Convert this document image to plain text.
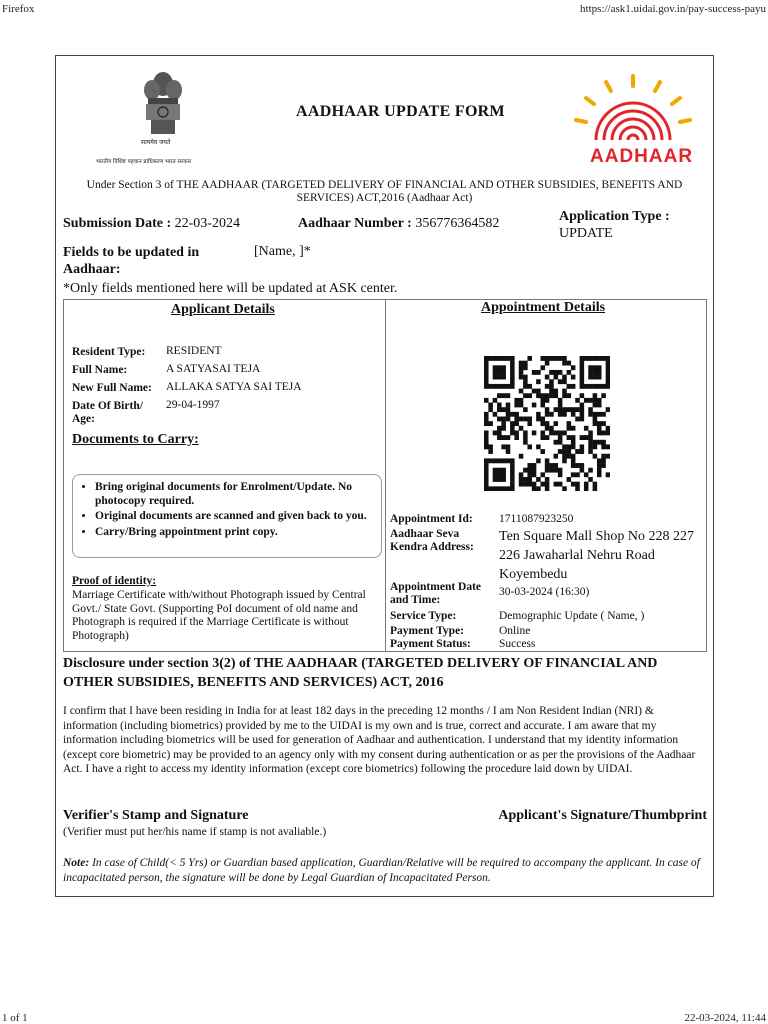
Firefox	https://ask1.uidai.gov.in/pay-success-payu
1 of 1	22-03-2024, 11:44
सत्यमेव जयते
भारतीय विशिष्ट पहचान प्राधिकरण भारत सरकार
AADHAAR UPDATE FORM
AADHAAR
Under Section 3 of THE AADHAAR (TARGETED DELIVERY OF FINANCIAL AND OTHER SUBSIDIES, BENEFITS AND SERVICES) ACT,2016 (Aadhaar Act)
Submission Date : 22-03-2024	Aadhaar Number : 356776364582	Application Type :
UPDATE
Fields to be updated in Aadhaar:
[Name, ]*
*Only fields mentioned here will be updated at ASK center.
Applicant Details	Appointment Details
Resident Type: RESIDENT
Full Name:	A SATYASAI TEJA
New Full Name: ALLAKA SATYA SAI TEJA
Date Of Birth/ Age:
29-04-1997
Documents to Carry:
• Bring original documents for Enrolment/Update. No photocopy required.
• Original documents are scanned and given back to you.
• Carry/Bring appointment print copy.
Proof of identity:
Marriage Certificate with/without Photograph issued by Central Govt./ State Govt. (Supporting PoI document of old name and Photograph is required if the Marriage Certificate is without Photograph)
Appointment Id: 1711087923250
Aadhaar Seva Kendra Address:
Ten Square Mall Shop No 228 227 226 Jawaharlal Nehru Road Koyembedu
Appointment Date and Time:
30-03-2024 (16:30)
Service Type:	Demographic Update ( Name, )
Payment Type:	Online
Payment Status: Success
Disclosure under section 3(2) of THE AADHAAR (TARGETED DELIVERY OF FINANCIAL AND OTHER SUBSIDIES, BENEFITS AND SERVICES) ACT, 2016
I confirm that I have been residing in India for at least 182 days in the preceding 12 months / I am Non Resident Indian (NRI) & information (including biometrics) provided by me to the UIDAI is my own and is true, correct and accurate. I am aware that my information including biometrics will be used for generation of Aadhaar and authentication. I understand that my identity information (except core biometric) may be provided to an agency only with my consent during authentication or as per the provisions of the Aadhaar Act. I have a right to access my identity information (except core biometrics) following the procedure laid down by UIDAI.
Verifier's Stamp and Signature
(Verifier must put her/his name if stamp is not avaliable.)
Applicant's Signature/Thumbprint
Note: In case of Child(< 5 Yrs) or Guardian based application, Guardian/Relative will be required to accompany the applicant. In case of incapacitated person, the signature will be done by Legal Guardian of Incapacitated Person.
